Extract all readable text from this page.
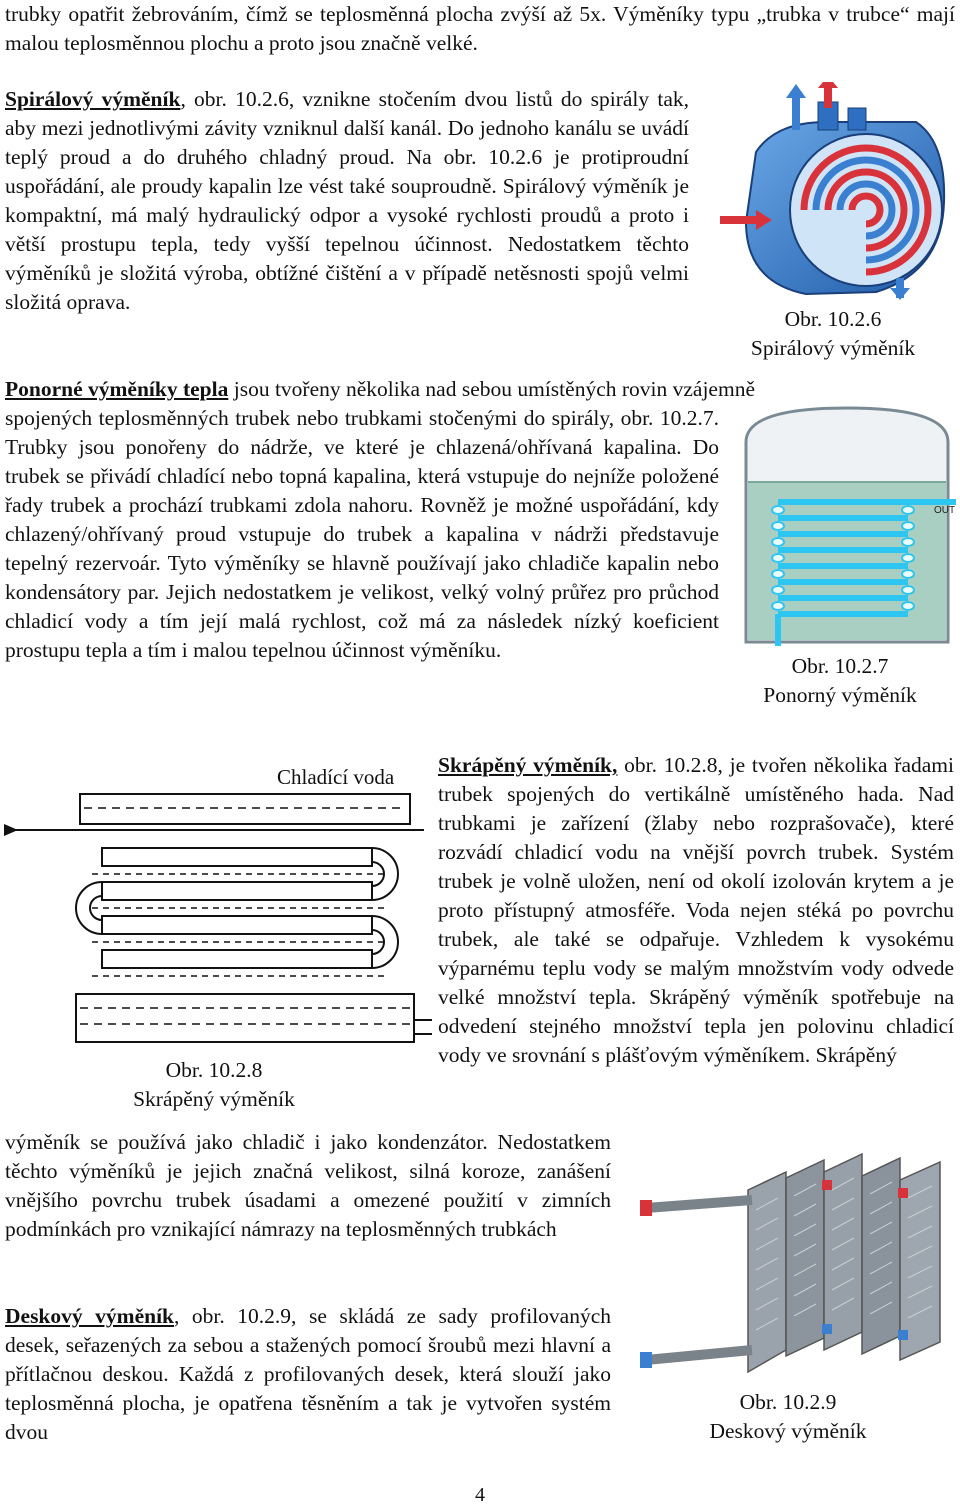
trubky opatřit žebrováním, čímž se teplosměnná plocha zvýší až 5x. Výměníky typu „trubka v trubce“ mají malou teplosměnnou plochu a proto jsou značně velké.

Spirálový výměník, obr. 10.2.6, vznikne stočením dvou listů do spirály tak, aby mezi jednotlivými závity vzniknul další kanál. Do jednoho kanálu se uvádí teplý proud a do druhého chladný proud. Na obr. 10.2.6 je protiproudní uspořádání, ale proudy kapalin lze vést také souproudně. Spirálový výměník je kompaktní, má malý hydraulický odpor a vysoké rychlosti proudů a proto i větší prostupu tepla, tedy vyšší tepelnou účinnost. Nedostatkem těchto výměníků je složitá výroba, obtížné čištění a v případě netěsnosti spojů velmi složitá oprava.

Obr. 10.2.6
Spirálový výměník

Ponorné výměníky tepla jsou tvořeny několika nad sebou umístěných rovin vzájemně

spojených teplosměnných trubek nebo trubkami stočenými do spirály, obr. 10.2.7. Trubky jsou ponořeny do nádrže, ve které je chlazená/ohřívaná kapalina. Do trubek se přivádí chladící nebo topná kapalina, která vstupuje do nejníže položené řady trubek a prochází trubkami zdola nahoru. Rovněž je možné uspořádání, kdy chlazený/ohřívaný proud vstupuje do trubek a kapalina v nádrži představuje tepelný rezervoár. Tyto výměníky se hlavně používají jako chladiče kapalin nebo kondensátory par. Jejich nedostatkem je velikost, velký volný průřez pro průchod chladicí vody a tím její malá rychlost, což má za následek nízký koeficient prostupu tepla a tím i malou tepelnou účinnost výměníku.

OUT
Obr. 10.2.7
Ponorný výměník
Chladící voda
Obr. 10.2.8
Skrápěný výměník

Skrápěný výměník, obr. 10.2.8, je tvořen několika řadami trubek spojených do vertikálně umístěného hada. Nad trubkami je zařízení (žlaby nebo rozprašovače), které rozvádí chladicí vodu na vnější povrch trubek. Systém trubek je volně uložen, není od okolí izolován krytem a je proto přístupný atmosféře. Voda nejen stéká po povrchu trubek, ale také se odpařuje. Vzhledem k vysokému výparnému teplu vody se malým množstvím vody odvede velké množství tepla. Skrápěný výměník spotřebuje na odvedení stejného množství tepla jen polovinu chladicí vody ve srovnání s plášťovým výměníkem. Skrápěný

výměník se používá jako chladič i jako kondenzátor. Nedostatkem těchto výměníků je jejich značná velikost, silná koroze, zanášení vnějšího povrchu trubek úsadami a omezené použití v zimních podmínkách pro vznikající námrazy na teplosměnných trubkách

Deskový výměník, obr. 10.2.9, se skládá ze sady profilovaných desek, seřazených za sebou a stažených pomocí šroubů mezi hlavní a přítlačnou deskou. Každá z profilovaných desek, která slouží jako teplosměnná plocha, je opatřena těsněním a tak je vytvořen systém dvou

Obr. 10.2.9
Deskový výměník
4
